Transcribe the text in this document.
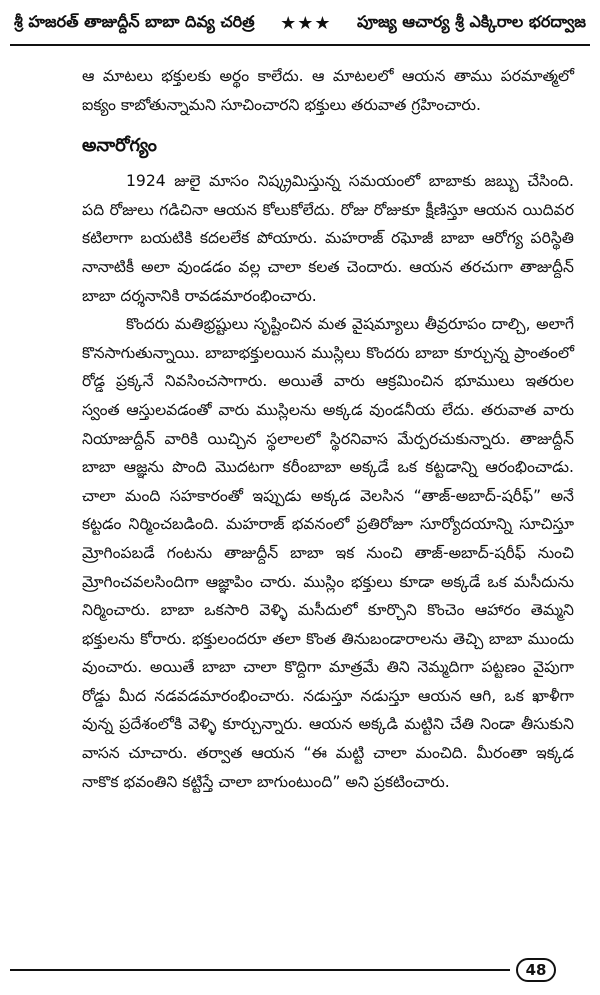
శ్రీ హజరత్ తాజుద్దీన్ బాబా దివ్య చరిత్ర ★★★ పూజ్య ఆచార్య శ్రీ ఎక్కిరాల భరద్వాజ

ఆ మాటలు భక్తులకు అర్థం కాలేదు. ఆ మాటలలో ఆయన తాము పరమాత్మలో ఐక్యం కాబోతున్నామని సూచించారని భక్తులు తరువాత గ్రహించారు.

అనారోగ్యం

1924 జులై మాసం నిష్క్రమిస్తున్న సమయంలో బాబాకు జబ్బు చేసింది. పది రోజులు గడిచినా ఆయన కోలుకోలేదు. రోజు రోజుకూ క్షీణిస్తూ ఆయన యిదివర కటిలాగా బయటికి కదలలేక పోయారు. మహరాజ్ రఘోజీ బాబా ఆరోగ్య పరిస్థితి నానాటికీ అలా వుండడం వల్ల చాలా కలత చెందారు. ఆయన తరచుగా తాజుద్దీన్ బాబా దర్శనానికి రావడమారంభించారు.

కొందరు మతిభ్రష్టులు సృష్టించిన మత వైషమ్యాలు తీవ్రరూపం దాల్చి, అలాగే కొనసాగుతున్నాయి. బాబాభక్తులయిన ముస్లిలు కొందరు బాబా కూర్చున్న ప్రాంతంలో రోడ్డ ప్రక్కనే నివసించసాగారు. అయితే వారు ఆక్రమించిన భూములు ఇతరుల స్వంత ఆస్తులవడంతో వారు ముస్లిలను అక్కడ వుండనీయ లేదు. తరువాత వారు నియాజుద్దీన్ వారికి యిచ్చిన స్థలాలలో స్థిరనివాస మేర్పరచుకున్నారు. తాజుద్దీన్ బాబా ఆజ్ఞను పొంది మొదటగా కరీంబాబా అక్కడే ఒక కట్టడాన్ని ఆరంభించాడు. చాలా మంది సహకారంతో ఇప్పుడు అక్కడ వెలసిన “తాజ్-అబాద్-షరీఫ్” అనే కట్టడం నిర్మించబడింది. మహరాజ్ భవనంలో ప్రతిరోజూ సూర్యోదయాన్ని సూచిస్తూ మ్రోగింపబడే గంటను తాజుద్దీన్ బాబా ఇక నుంచి తాజ్-అబాద్-షరీఫ్ నుంచి మ్రోగించవలసిందిగా ఆజ్ఞాపిం చారు. ముస్లిం భక్తులు కూడా అక్కడే ఒక మసీదును నిర్మించారు. బాబా ఒకసారి వెళ్ళి మసీదులో కూర్చొని కొంచెం ఆహారం తెమ్మని భక్తులను కోరారు. భక్తులందరూ తలా కొంత తినుబండారాలను తెచ్చి బాబా ముందు వుంచారు. అయితే బాబా చాలా కొద్దిగా మాత్రమే తిని నెమ్మదిగా పట్టణం వైపుగా రోడ్డు మీద నడవడమారంభించారు. నడుస్తూ నడుస్తూ ఆయన ఆగి, ఒక ఖాళీగా వున్న ప్రదేశంలోకి వెళ్ళి కూర్చున్నారు. ఆయన అక్కడి మట్టిని చేతి నిండా తీసుకుని వాసన చూచారు. తర్వాత ఆయన “ఈ మట్టి చాలా మంచిది. మీరంతా ఇక్కడ నాకొక భవంతిని కట్టిస్తే చాలా బాగుంటుంది” అని ప్రకటించారు.

48
